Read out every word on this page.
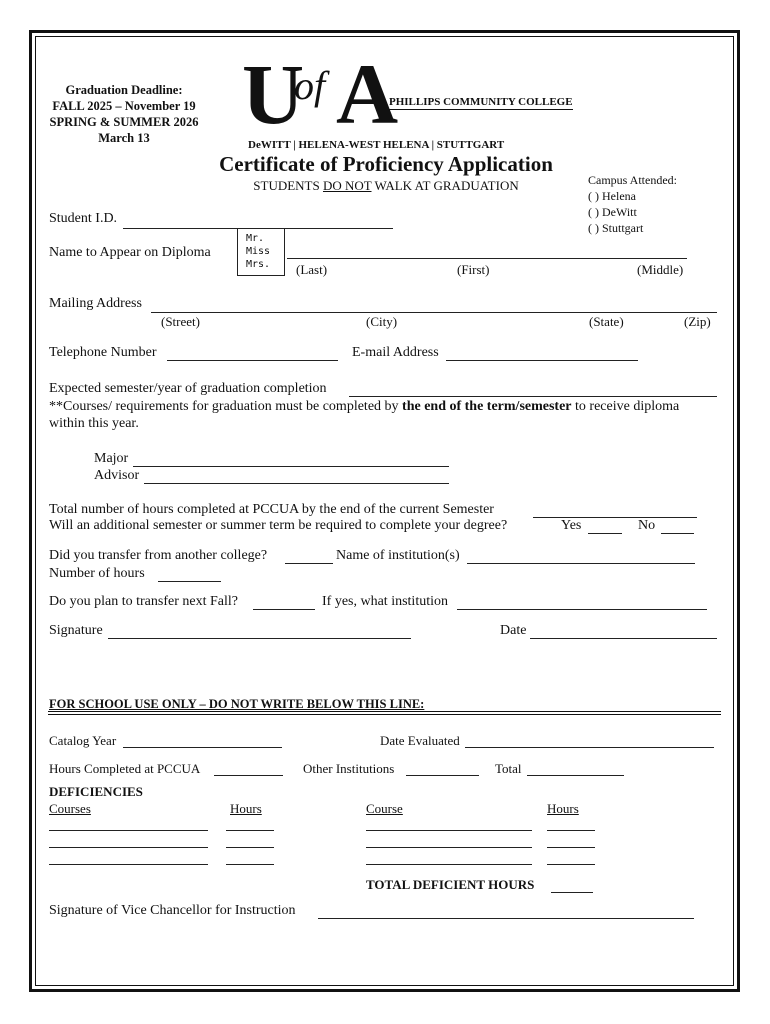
Graduation Deadline:
FALL 2025 – November 19
SPRING & SUMMER 2026
March 13	U
of A
PHILLIPS COMMUNITY COLLEGE
DeWITT | HELENA-WEST HELENA | STUTTGART
Certificate of Proficiency Application
STUDENTS DO NOT WALK AT GRADUATION	Campus Attended:
( ) Helena
( ) DeWitt
( ) Stuttgart
Student I.D.
Name to Appear on Diploma
Mr.
Miss
Mrs.	(Last)	(First)	(Middle)
Mailing Address
(Street)	(City)	(State)	(Zip)
Telephone Number	E-mail Address
Expected semester/year of graduation completion
**Courses/ requirements for graduation must be completed by the end of the term/semester to receive diploma
within this year.
Major
Advisor
Total number of hours completed at PCCUA by the end of the current Semester
Will an additional semester or summer term be required to complete your degree?	Yes	No
Did you transfer from another college?	Name of institution(s)
Number of hours
Do you plan to transfer next Fall?	If yes, what institution
Signature	Date
FOR SCHOOL USE ONLY – DO NOT WRITE BELOW THIS LINE:
Catalog Year	Date Evaluated
Hours Completed at PCCUA	Other Institutions	Total
DEFICIENCIES
Courses	Hours	Course	Hours
TOTAL DEFICIENT HOURS
Signature of Vice Chancellor for Instruction
